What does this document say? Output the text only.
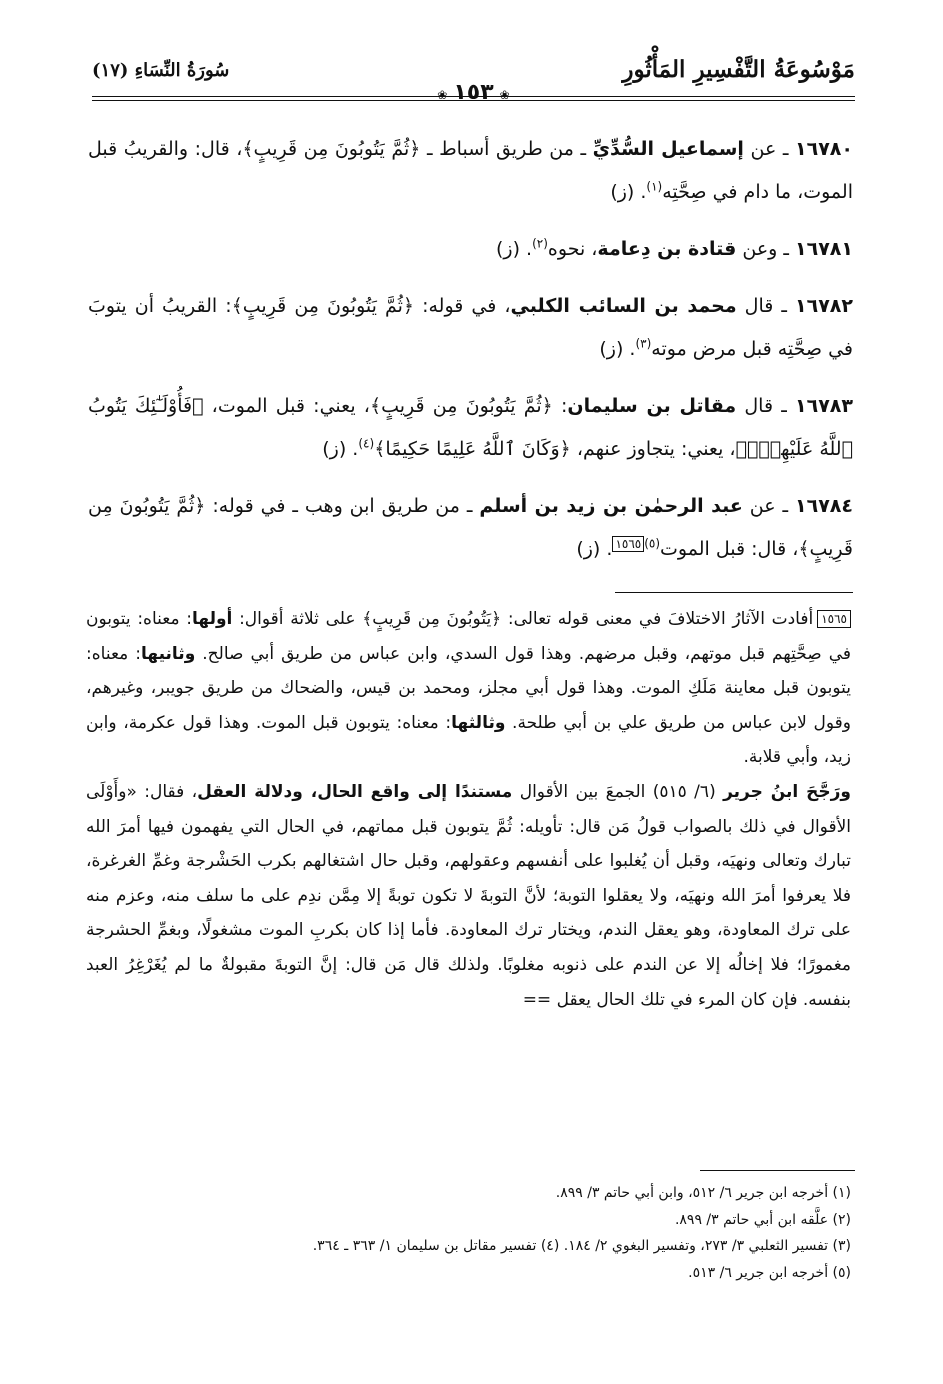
مَوْسُوعَةُ التَّفْسِيرِ المَأْثُورِ
❀١٥٣❀
سُورَةُ النِّسَاءِ (١٧)

١٦٧٨٠ ـ عن إسماعيل السُّدِّيِّ ـ من طريق أسباط ـ ﴿ثُمَّ يَتُوبُونَ مِن قَرِيبٍ﴾، قال: والقريبُ قبل الموت، ما دام في صِحَّتِه$^{(١)}$. (ز)

١٦٧٨١ ـ وعن قتادة بن دِعامة، نحوه$^{(٢)}$. (ز)

١٦٧٨٢ ـ قال محمد بن السائب الكلبي، في قوله: ﴿ثُمَّ يَتُوبُونَ مِن قَرِيبٍ﴾: القريبُ أن يتوبَ في صِحَّتِه قبل مرض موته$^{(٣)}$. (ز)

١٦٧٨٣ ـ قال مقاتل بن سليمان: ﴿ثُمَّ يَتُوبُونَ مِن قَرِيبٍ﴾، يعني: قبل الموت، ﴿فَأُوْلَـٰٓئِكَ يَتُوبُ ٱللَّهُ عَلَيْهِمْۗ﴾، يعني: يتجاوز عنهم، ﴿وَكَانَ ٱللَّهُ عَلِيمًا حَكِيمًا﴾$^{(٤)}$. (ز)

١٦٧٨٤ ـ عن عبد الرحمٰن بن زيد بن أسلم ـ من طريق ابن وهب ـ في قوله: ﴿ثُمَّ يَتُوبُونَ مِن قَرِيبٍ﴾، قال: قبل الموت$^{(٥)}$١٥٦٥. (ز)

١٥٦٥أفادت الآثارُ الاختلافَ في معنى قوله تعالى: ﴿يَتُوبُونَ مِن قَرِيبٍ﴾ على ثلاثة أقوال: أولها: معناه: يتوبون في صِحَّتِهم قبل موتهم، وقبل مرضهم. وهذا قول السدي، وابن عباس من طريق أبي صالح. وثانيها: معناه: يتوبون قبل معاينة مَلَكِ الموت. وهذا قول أبي مجلز، ومحمد بن قيس، والضحاك من طريق جويبر، وغيرهم، وقول لابن عباس من طريق علي بن أبي طلحة. وثالثها: معناه: يتوبون قبل الموت. وهذا قول عكرمة، وابن زيد، وأبي قلابة.

ورَجَّحَ ابنُ جرير (٦/ ٥١٥) الجمعَ بين الأقوال مستندًا إلى واقع الحال، ودلالة العقل، فقال: «وأَوْلَى الأقوال في ذلك بالصواب قولُ مَن قال: تأويله: ثُمَّ يتوبون قبل مماتهم، في الحال التي يفهمون فيها أمرَ الله تبارك وتعالى ونهيَه، وقبل أن يُغلبوا على أنفسهم وعقولهم، وقبل حال اشتغالهم بكرب الحَشْرجة وغمِّ الغرغرة، فلا يعرفوا أمرَ الله ونهيَه، ولا يعقلوا التوبة؛ لأنَّ التوبةَ لا تكون توبةً إلا مِمَّن ندِم على ما سلف منه، وعزم منه على ترك المعاودة، وهو يعقل الندم، ويختار ترك المعاودة. فأما إذا كان بكربِ الموت مشغولًا، وبغمِّ الحشرجة مغمورًا؛ فلا إخالُه إلا عن الندم على ذنوبه مغلوبًا. ولذلك قال مَن قال: إنَّ التوبةَ مقبولةٌ ما لم يُغَرْغِرُ العبد بنفسه. فإن كان المرء في تلك الحال يعقل ==

(١) أخرجه ابن جرير ٦/ ٥١٢، وابن أبي حاتم ٣/ ٨٩٩.

(٢) علَّقه ابن أبي حاتم ٣/ ٨٩٩.

(٣) تفسير الثعلبي ٣/ ٢٧٣، وتفسير البغوي ٢/ ١٨٤. (٤) تفسير مقاتل بن سليمان ١/ ٣٦٣ ـ ٣٦٤.

(٥) أخرجه ابن جرير ٦/ ٥١٣.
